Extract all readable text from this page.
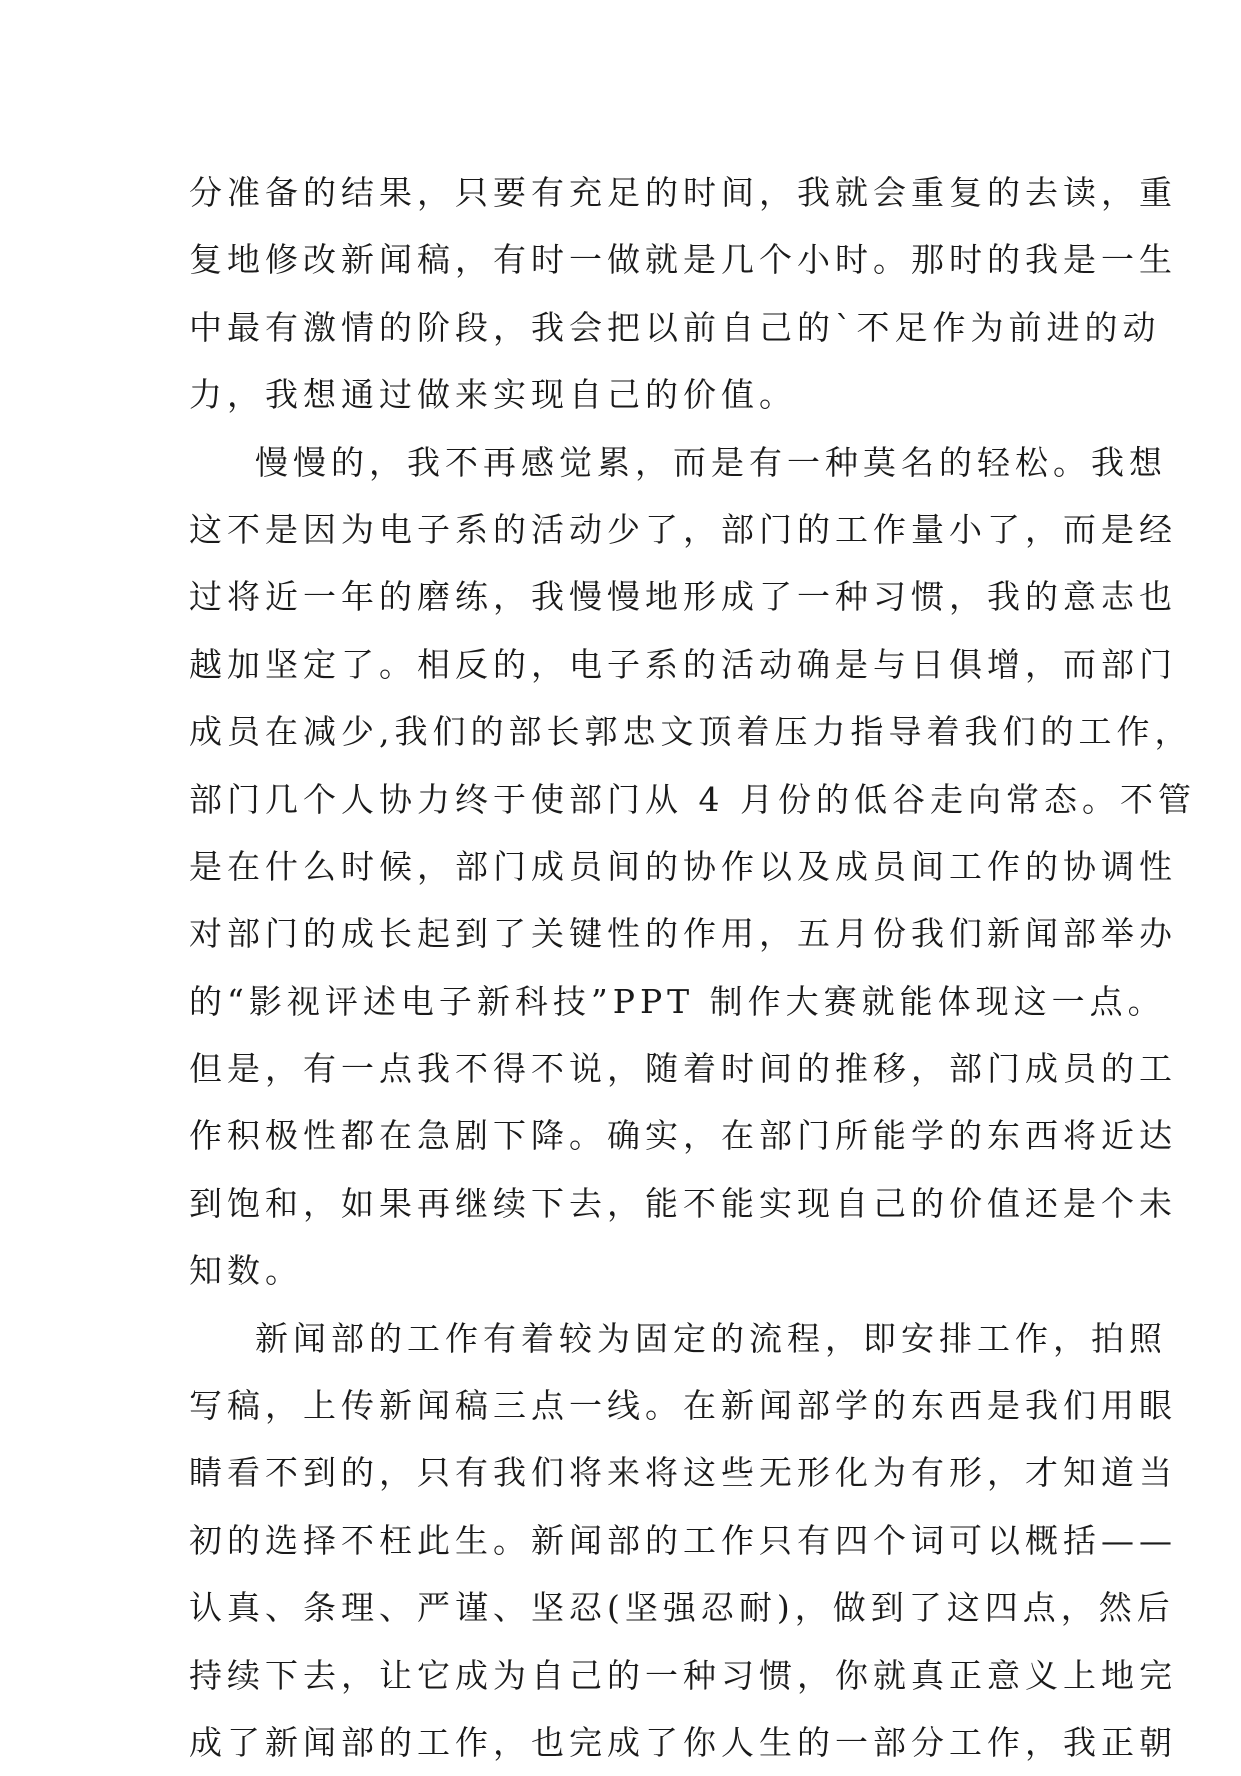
分准备的结果，只要有充足的时间，我就会重复的去读，重
复地修改新闻稿，有时一做就是几个小时。那时的我是一生
中最有激情的阶段，我会把以前自己的`不足作为前进的动
力，我想通过做来实现自己的价值。
慢慢的，我不再感觉累，而是有一种莫名的轻松。我想
这不是因为电子系的活动少了，部门的工作量小了，而是经
过将近一年的磨练，我慢慢地形成了一种习惯，我的意志也
越加坚定了。相反的，电子系的活动确是与日俱增，而部门
成员在减少,我们的部长郭忠文顶着压力指导着我们的工作，
部门几个人协力终于使部门从 4 月份的低谷走向常态。不管
是在什么时候，部门成员间的协作以及成员间工作的协调性
对部门的成长起到了关键性的作用，五月份我们新闻部举办
的“影视评述电子新科技”PPT 制作大赛就能体现这一点。
但是，有一点我不得不说，随着时间的推移，部门成员的工
作积极性都在急剧下降。确实，在部门所能学的东西将近达
到饱和，如果再继续下去，能不能实现自己的价值还是个未
知数。
新闻部的工作有着较为固定的流程，即安排工作，拍照
写稿，上传新闻稿三点一线。在新闻部学的东西是我们用眼
睛看不到的，只有我们将来将这些无形化为有形，才知道当
初的选择不枉此生。新闻部的工作只有四个词可以概括——
认真、条理、严谨、坚忍(坚强忍耐)，做到了这四点，然后
持续下去，让它成为自己的一种习惯，你就真正意义上地完
成了新闻部的工作，也完成了你人生的一部分工作，我正朝
